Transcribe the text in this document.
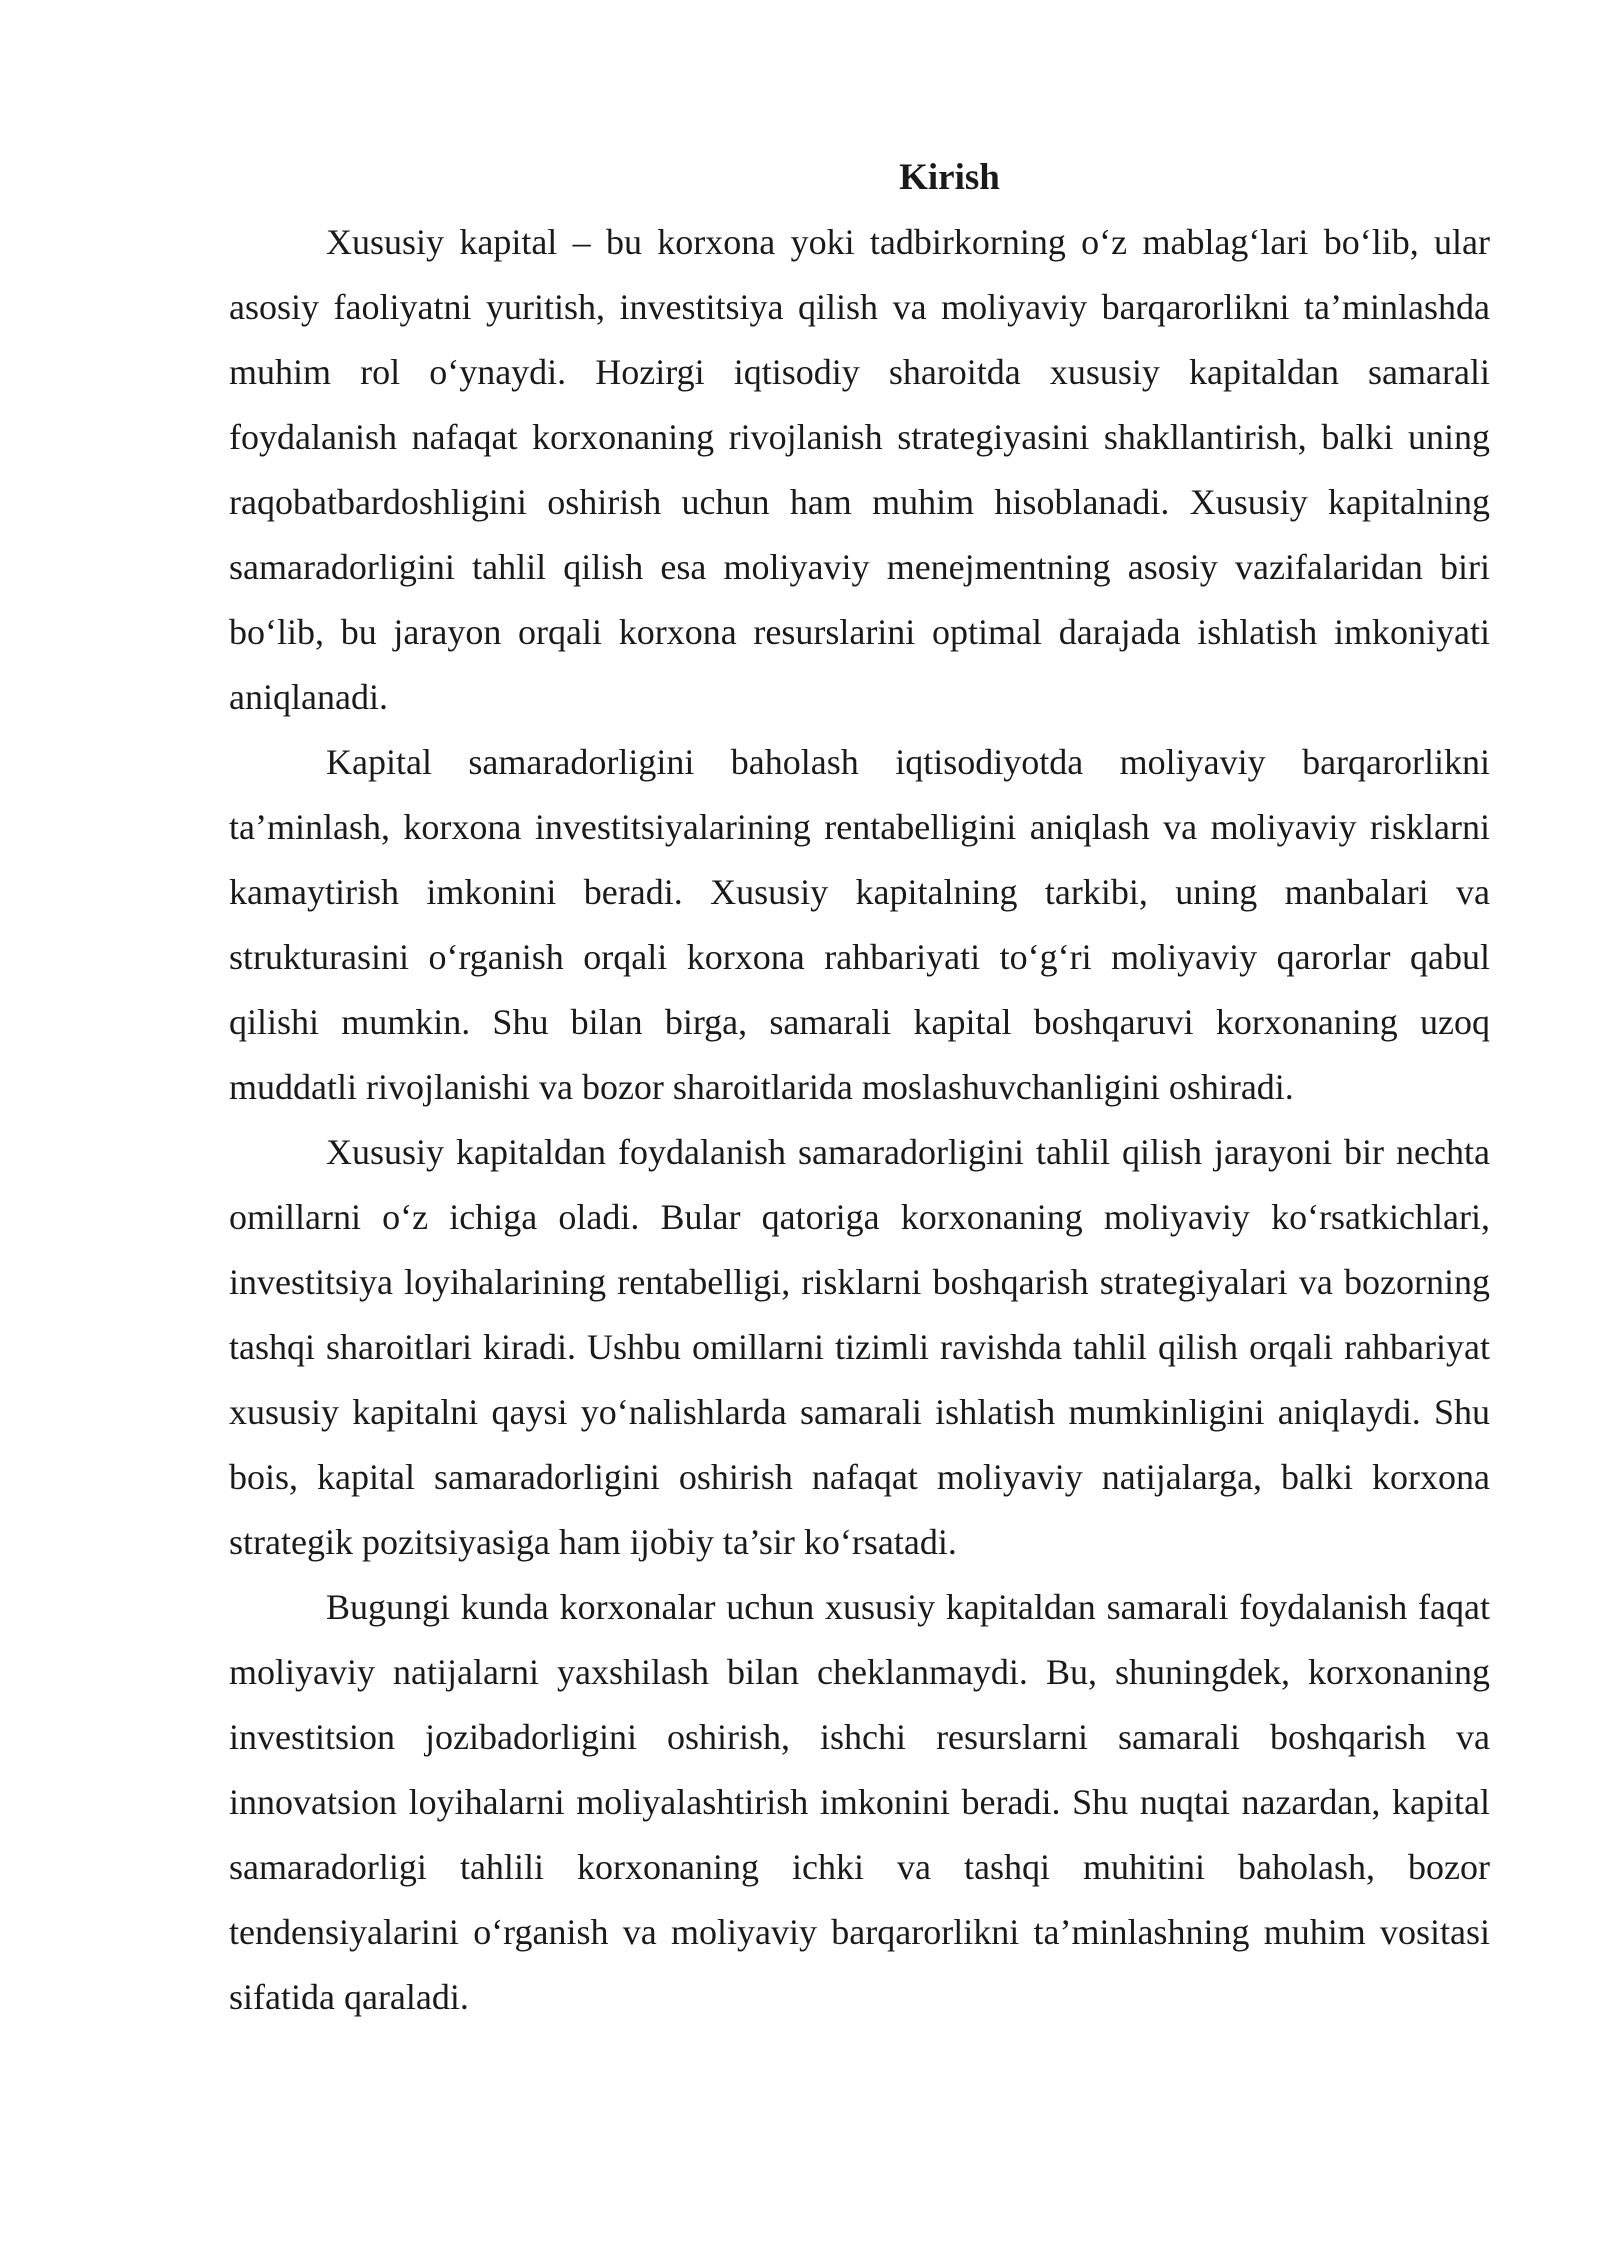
Kirish

Xususiy kapital – bu korxona yoki tadbirkorning o‘z mablag‘lari bo‘lib, ular asosiy faoliyatni yuritish, investitsiya qilish va moliyaviy barqarorlikni ta’minlashda muhim rol o‘ynaydi. Hozirgi iqtisodiy sharoitda xususiy kapitaldan samarali foydalanish nafaqat korxonaning rivojlanish strategiyasini shakllantirish, balki uning raqobatbardoshligini oshirish uchun ham muhim hisoblanadi. Xususiy kapitalning samaradorligini tahlil qilish esa moliyaviy menejmentning asosiy vazifalaridan biri bo‘lib, bu jarayon orqali korxona resurslarini optimal darajada ishlatish imkoniyati aniqlanadi.

Kapital samaradorligini baholash iqtisodiyotda moliyaviy barqarorlikni ta’minlash, korxona investitsiyalarining rentabelligini aniqlash va moliyaviy risklarni kamaytirish imkonini beradi. Xususiy kapitalning tarkibi, uning manbalari va strukturasini o‘rganish orqali korxona rahbariyati to‘g‘ri moliyaviy qarorlar qabul qilishi mumkin. Shu bilan birga, samarali kapital boshqaruvi korxonaning uzoq muddatli rivojlanishi va bozor sharoitlarida moslashuvchanligini oshiradi.

Xususiy kapitaldan foydalanish samaradorligini tahlil qilish jarayoni bir nechta omillarni o‘z ichiga oladi. Bular qatoriga korxonaning moliyaviy ko‘rsatkichlari, investitsiya loyihalarining rentabelligi, risklarni boshqarish strategiyalari va bozorning tashqi sharoitlari kiradi. Ushbu omillarni tizimli ravishda tahlil qilish orqali rahbariyat xususiy kapitalni qaysi yo‘nalishlarda samarali ishlatish mumkinligini aniqlaydi. Shu bois, kapital samaradorligini oshirish nafaqat moliyaviy natijalarga, balki korxona strategik pozitsiyasiga ham ijobiy ta’sir ko‘rsatadi.

Bugungi kunda korxonalar uchun xususiy kapitaldan samarali foydalanish faqat moliyaviy natijalarni yaxshilash bilan cheklanmaydi. Bu, shuningdek, korxonaning investitsion jozibadorligini oshirish, ishchi resurslarni samarali boshqarish va innovatsion loyihalarni moliyalashtirish imkonini beradi. Shu nuqtai nazardan, kapital samaradorligi tahlili korxonaning ichki va tashqi muhitini baholash, bozor tendensiyalarini o‘rganish va moliyaviy barqarorlikni ta’minlashning muhim vositasi sifatida qaraladi.
